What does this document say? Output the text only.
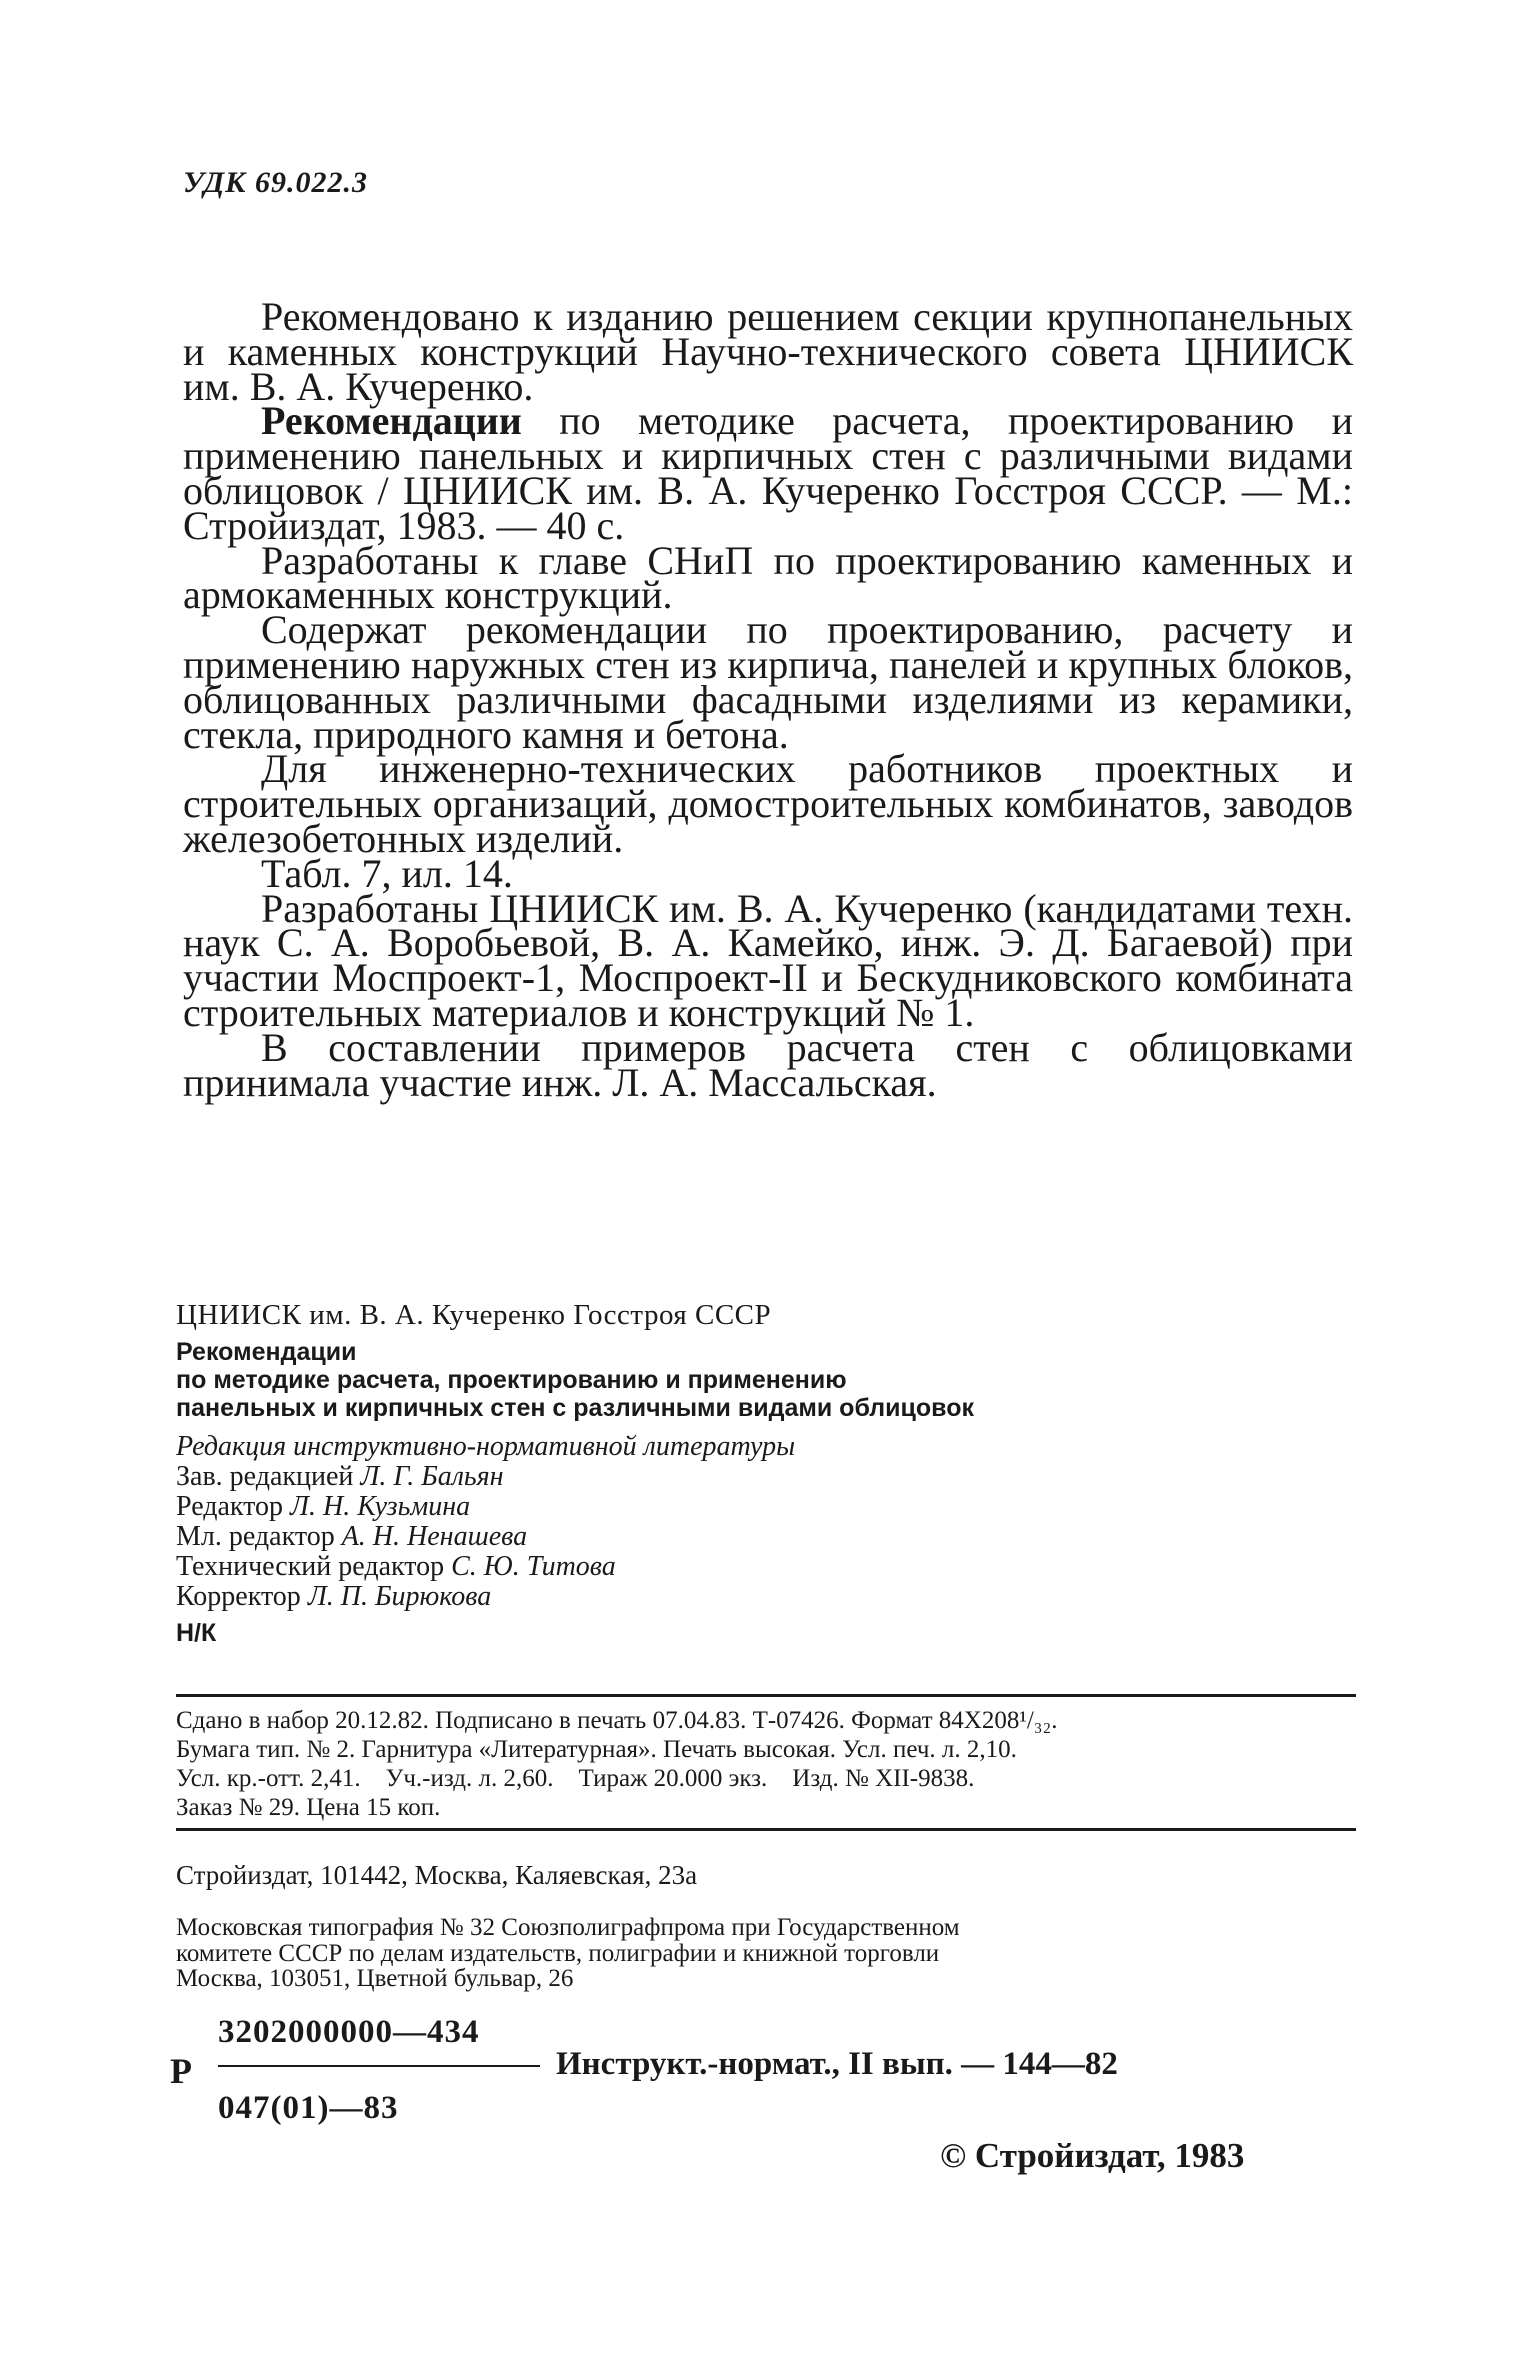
УДК 69.022.3

Рекомендовано к изданию решением секции крупнопанельных и каменных конструкций Научно-технического совета ЦНИИСК им. В. А. Кучеренко.

Рекомендации по методике расчета, проектированию и применению панельных и кирпичных стен с различными видами облицовок / ЦНИИСК им. В. А. Кучеренко Госстроя СССР. — М.: Стройиздат, 1983. — 40 с.

Разработаны к главе СНиП по проектированию каменных и армокаменных конструкций.

Содержат рекомендации по проектированию, расчету и применению наружных стен из кирпича, панелей и крупных блоков, облицованных различными фасадными изделиями из керамики, стекла, природного камня и бетона.

Для инженерно-технических работников проектных и строительных организаций, домостроительных комбинатов, заводов железобетонных изделий.

Табл. 7, ил. 14.

Разработаны ЦНИИСК им. В. А. Кучеренко (кандидатами техн. наук С. А. Воробьевой, В. А. Камейко, инж. Э. Д. Багаевой) при участии Моспроект-1, Моспроект-II и Бескудниковского комбината строительных материалов и конструкций № 1.

В составлении примеров расчета стен с облицовками принимала участие инж. Л. А. Массальская.

ЦНИИСК им. В. А. Кучеренко Госстроя СССР
Рекомендации
по методике расчета, проектированию и применению
панельных и кирпичных стен с различными видами облицовок
Редакция инструктивно-нормативной литературы
Зав. редакцией Л. Г. Бальян
Редактор Л. Н. Кузьмина
Мл. редактор А. Н. Ненашева
Технический редактор С. Ю. Титова
Корректор Л. П. Бирюкова
Н/К
Сдано в набор 20.12.82. Подписано в печать 07.04.83. Т-07426. Формат 84Х208¹/₃₂.
Бумага тип. № 2. Гарнитура «Литературная». Печать высокая. Усл. печ. л. 2,10.
Усл. кр.-отт. 2,41.    Уч.-изд. л. 2,60.    Тираж 20.000 экз.    Изд. № XII-9838.
Заказ № 29. Цена 15 коп.
Стройиздат, 101442, Москва, Каляевская, 23а
Московская типография № 32 Союзполиграфпрома при Государственном
комитете СССР по делам издательств, полиграфии и книжной торговли
Москва, 103051, Цветной бульвар, 26
Р
3202000000—434
047(01)—83
Инструкт.-нормат., II вып. — 144—82
© Стройиздат, 1983
